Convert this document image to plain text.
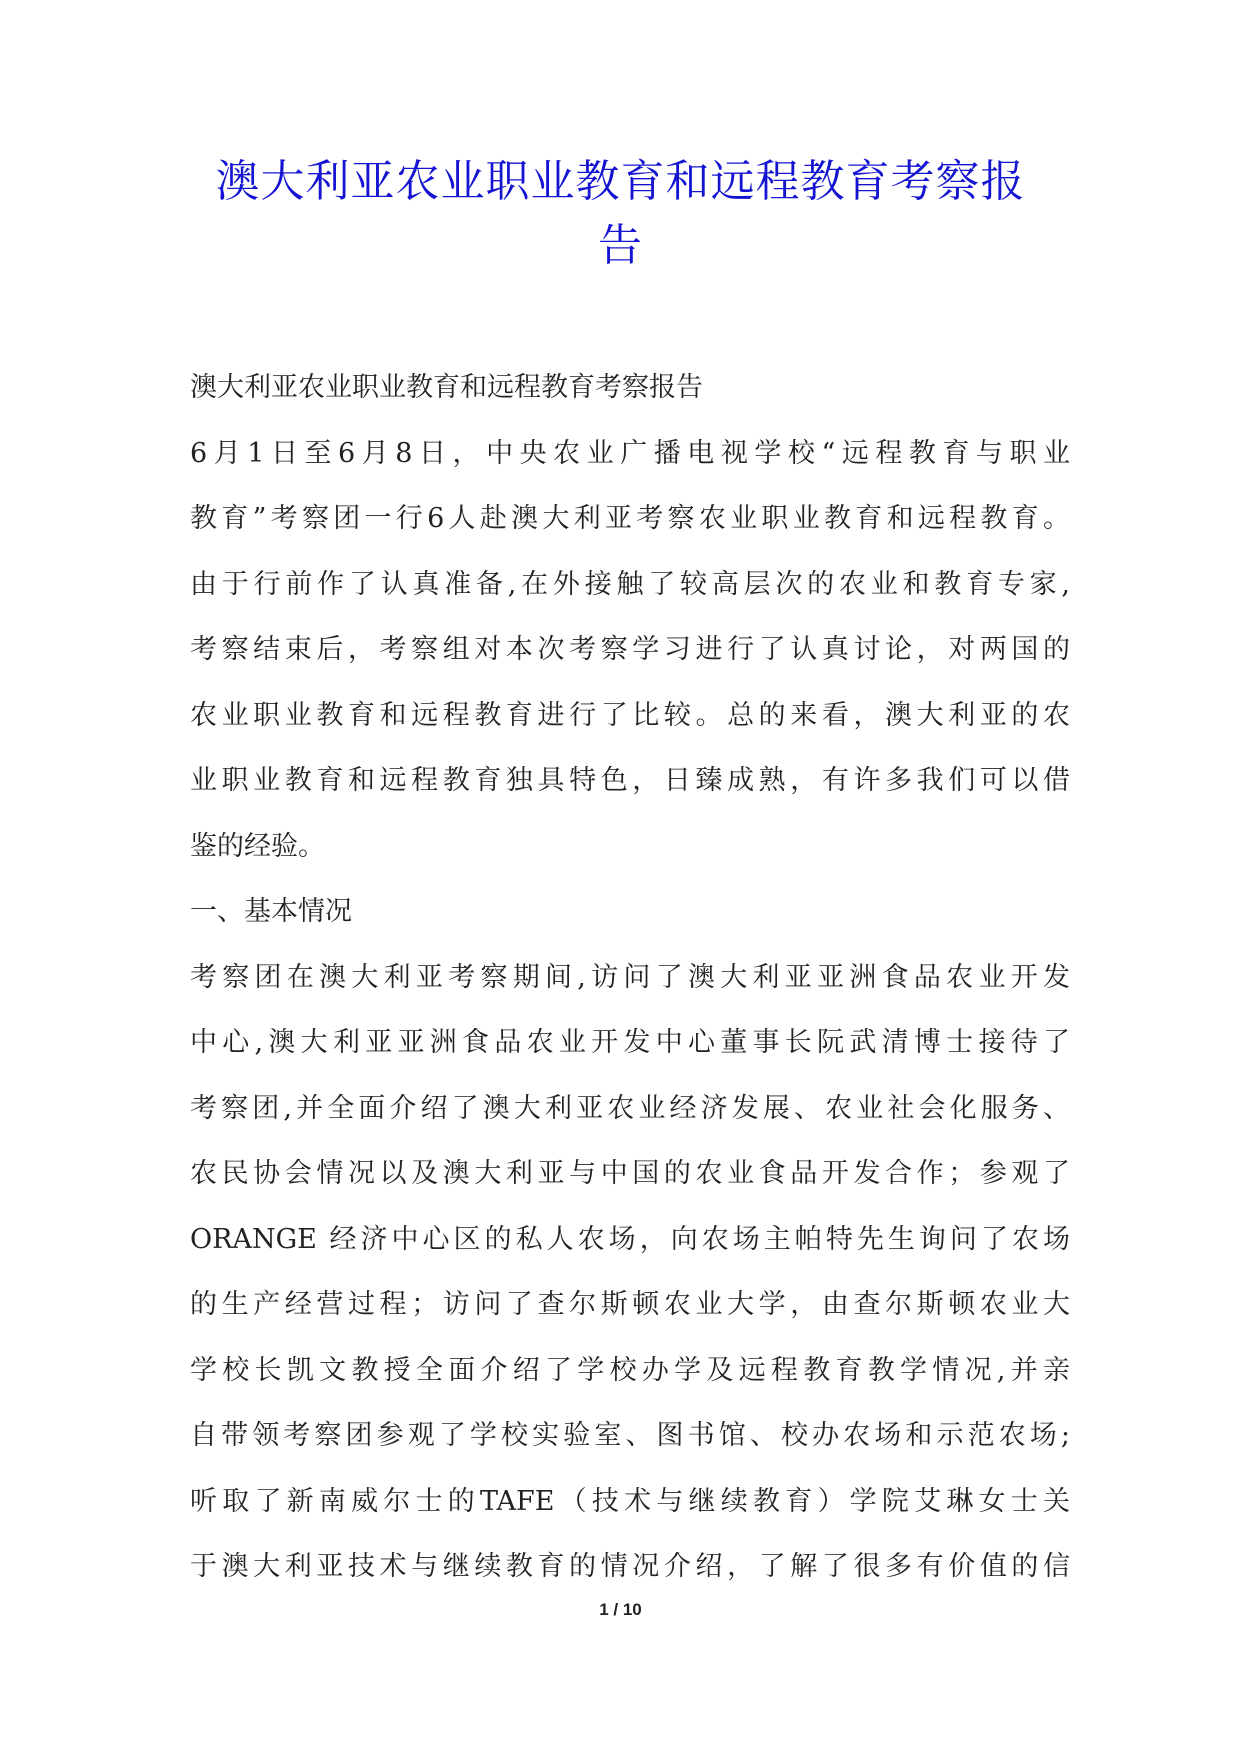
澳大利亚农业职业教育和远程教育考察报
告
澳大利亚农业职业教育和远程教育考察报告
6月1日至6月8日，中央农业广播电视学校“远程教育与职业
教育”考察团一行6人赴澳大利亚考察农业职业教育和远程教育。
由于行前作了认真准备,在外接触了较高层次的农业和教育专家,
考察结束后，考察组对本次考察学习进行了认真讨论，对两国的
农业职业教育和远程教育进行了比较。总的来看，澳大利亚的农
业职业教育和远程教育独具特色，日臻成熟，有许多我们可以借
鉴的经验。
一、基本情况
考察团在澳大利亚考察期间,访问了澳大利亚亚洲食品农业开发
中心,澳大利亚亚洲食品农业开发中心董事长阮武清博士接待了
考察团,并全面介绍了澳大利亚农业经济发展、农业社会化服务、
农民协会情况以及澳大利亚与中国的农业食品开发合作；参观了
ORANGE 经济中心区的私人农场，向农场主帕特先生询问了农场
的生产经营过程；访问了查尔斯顿农业大学，由查尔斯顿农业大
学校长凯文教授全面介绍了学校办学及远程教育教学情况,并亲
自带领考察团参观了学校实验室、图书馆、校办农场和示范农场;
听取了新南威尔士的TAFE（技术与继续教育）学院艾琳女士关
于澳大利亚技术与继续教育的情况介绍，了解了很多有价值的信
1 / 10
